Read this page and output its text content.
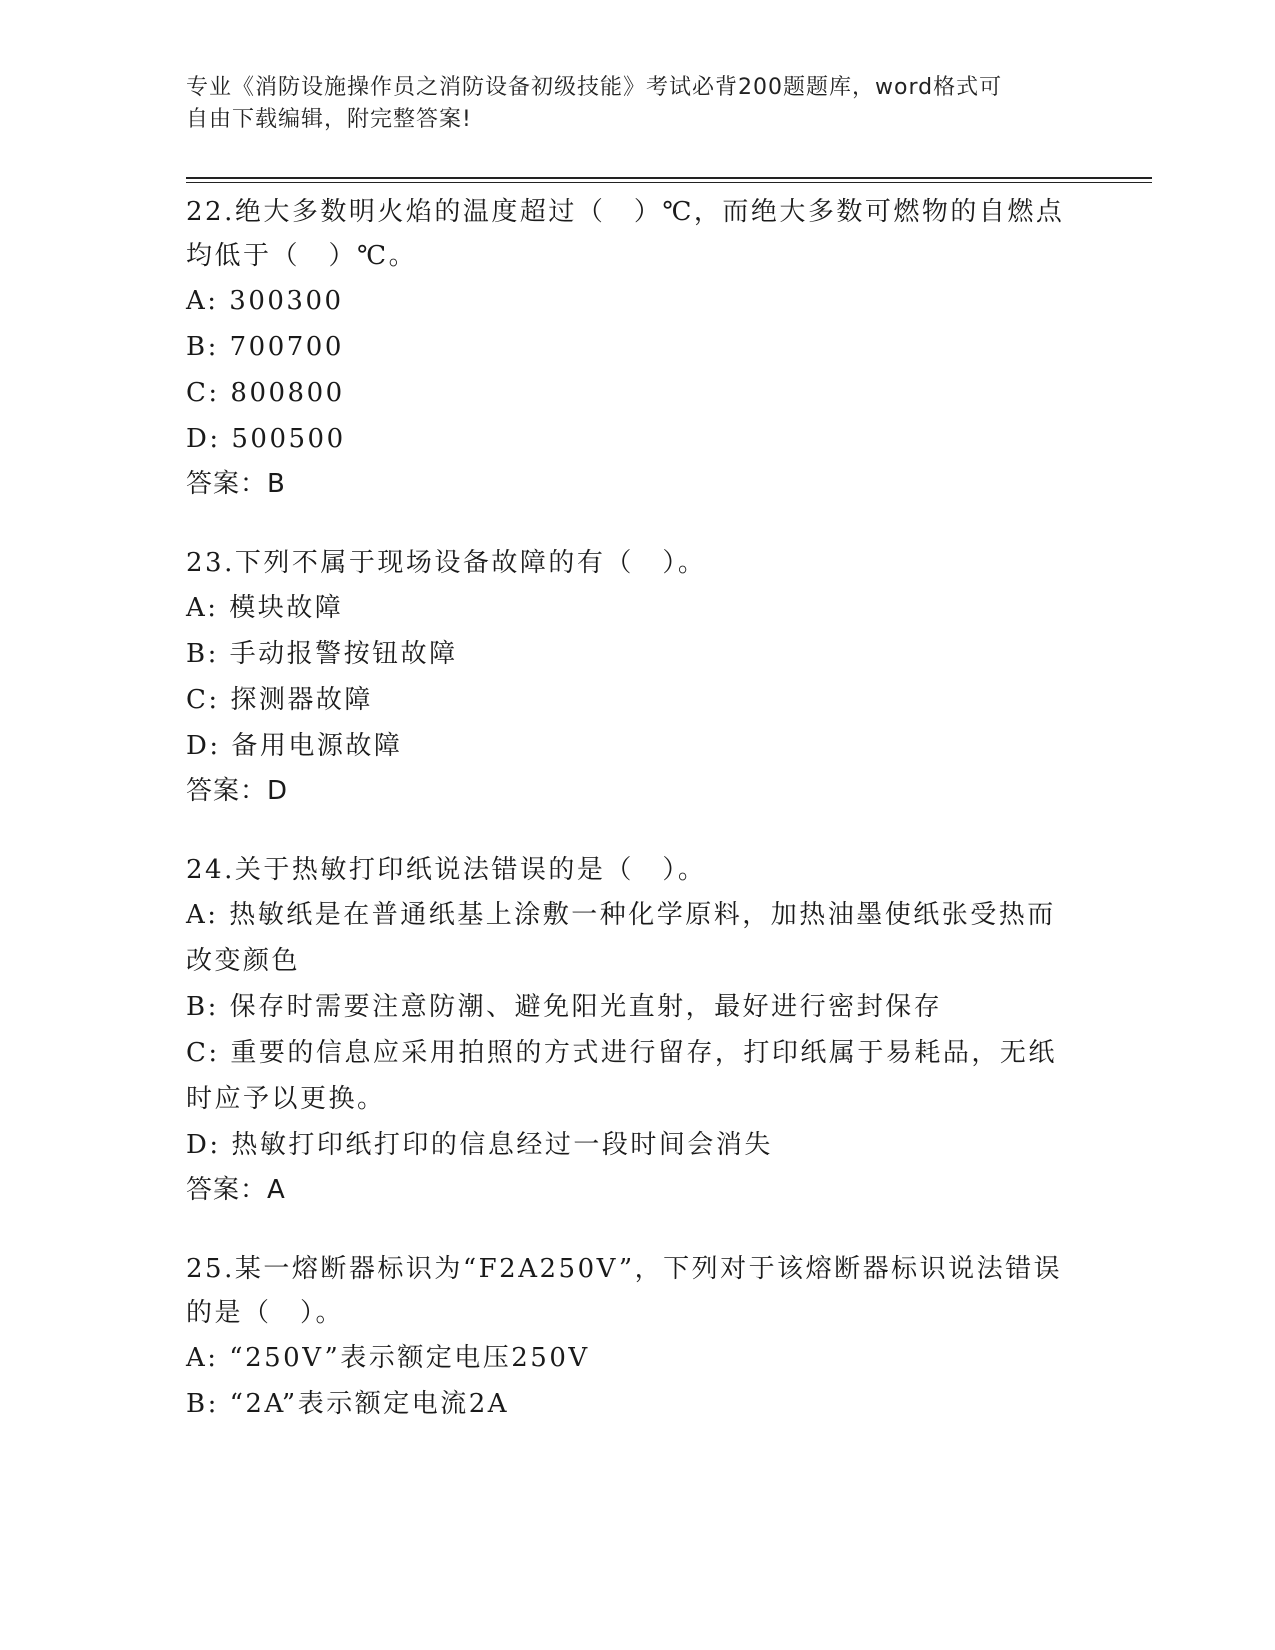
专业《消防设施操作员之消防设备初级技能》考试必背200题题库，word格式可
自由下载编辑，附完整答案!

22.绝大多数明火焰的温度超过（　）℃，而绝大多数可燃物的自燃点

均低于（　）℃。

A: 300300

B: 700700

C: 800800

D: 500500

答案：B

23.下列不属于现场设备故障的有（　）。

A: 模块故障

B: 手动报警按钮故障

C: 探测器故障

D: 备用电源故障

答案：D

24.关于热敏打印纸说法错误的是（　）。

A: 热敏纸是在普通纸基上涂敷一种化学原料，加热油墨使纸张受热而

改变颜色

B: 保存时需要注意防潮、避免阳光直射，最好进行密封保存

C: 重要的信息应采用拍照的方式进行留存，打印纸属于易耗品，无纸

时应予以更换。

D: 热敏打印纸打印的信息经过一段时间会消失

答案：A

25.某一熔断器标识为“F2A250V”，下列对于该熔断器标识说法错误

的是（　）。

A: “250V”表示额定电压250V

B: “2A”表示额定电流2A
